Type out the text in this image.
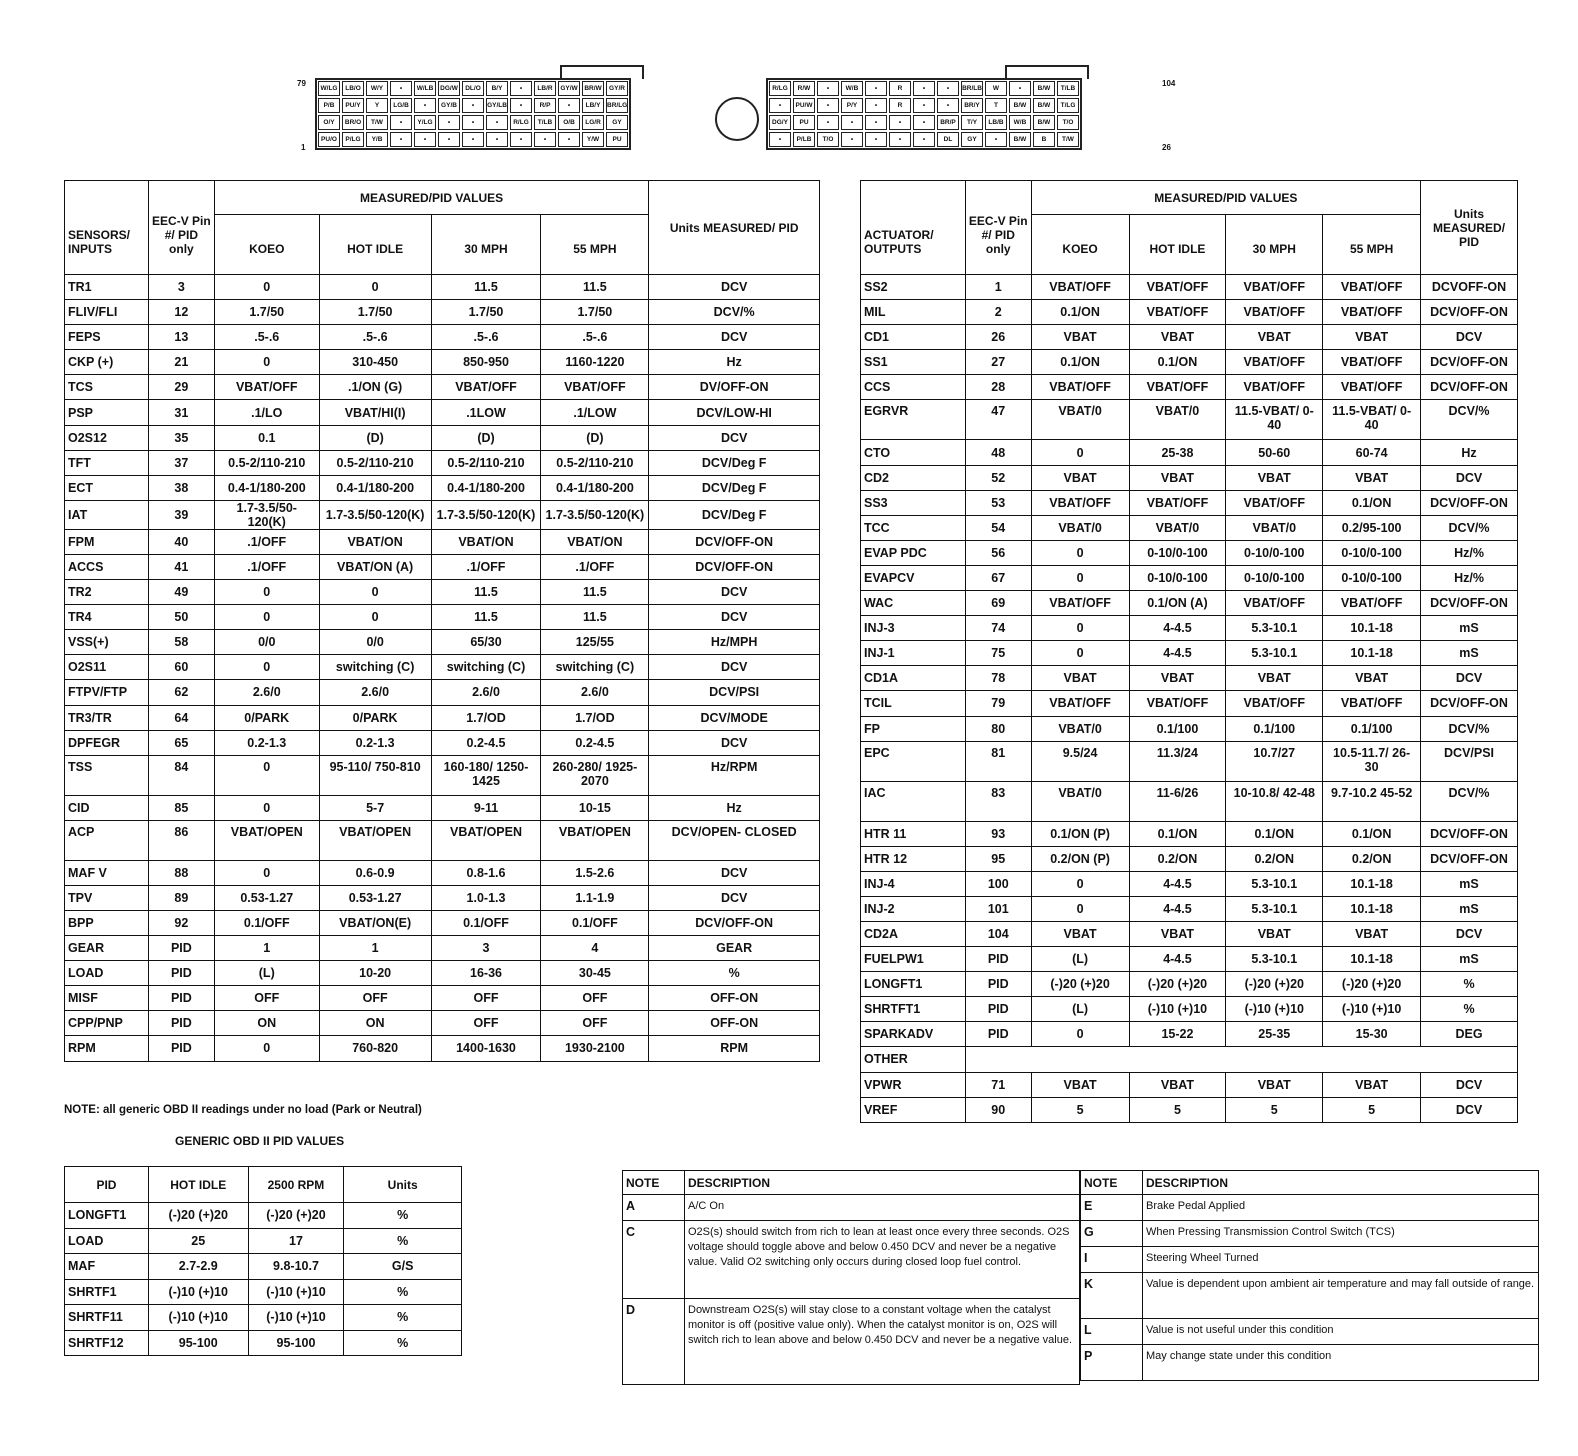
79
1
W/LG	LB/O	W/Y	•	W/LB	DG/W	DL/O	B/Y	•	LB/R	GY/W	BR/W	GY/R
P/B	PU/Y	Y	LG/B	•	GY/B	•	GY/LB	•	R/P	•	LB/Y	BR/LG
O/Y	BR/O	T/W	•	Y/LG	•	•	•	R/LG	T/LB	O/B	LG/R	GY
PU/O	P/LG	Y/B	•	•	•	•	•	•	•	•	Y/W	PU
R/LG	R/W	•	W/B	•	R	•	•	BR/LB	W	•	B/W	T/LB
•	PU/W	•	P/Y	•	R	•	•	BR/Y	T	B/W	B/W	T/LG
DG/Y	PU	•	•	•	•	•	BR/P	T/Y	LB/B	W/B	B/W	T/O
•	P/LB	T/O	•	•	•	•	DL	GY	•	B/W	B	T/W
104
26
SENSORS/ INPUTS	EEC-V Pin #/ PID only	MEASURED/PID VALUES				Units MEASURED/ PID
		KOEO	HOT IDLE	30 MPH	55 MPH	
TR1	3	0	0	11.5	11.5	DCV
FLIV/FLI	12	1.7/50	1.7/50	1.7/50	1.7/50	DCV/%
FEPS	13	.5-.6	.5-.6	.5-.6	.5-.6	DCV
CKP (+)	21	0	310-450	850-950	1160-1220	Hz
TCS	29	VBAT/OFF	.1/ON (G)	VBAT/OFF	VBAT/OFF	DV/OFF-ON
PSP	31	.1/LO	VBAT/HI(I)	.1LOW	.1/LOW	DCV/LOW-HI
O2S12	35	0.1	(D)	(D)	(D)	DCV
TFT	37	0.5-2/110-210	0.5-2/110-210	0.5-2/110-210	0.5-2/110-210	DCV/Deg F
ECT	38	0.4-1/180-200	0.4-1/180-200	0.4-1/180-200	0.4-1/180-200	DCV/Deg F
IAT	39	1.7-3.5/50-120(K)	1.7-3.5/50-120(K)	1.7-3.5/50-120(K)	1.7-3.5/50-120(K)	DCV/Deg F
FPM	40	.1/OFF	VBAT/ON	VBAT/ON	VBAT/ON	DCV/OFF-ON
ACCS	41	.1/OFF	VBAT/ON (A)	.1/OFF	.1/OFF	DCV/OFF-ON
TR2	49	0	0	11.5	11.5	DCV
TR4	50	0	0	11.5	11.5	DCV
VSS(+)	58	0/0	0/0	65/30	125/55	Hz/MPH
O2S11	60	0	switching (C)	switching (C)	switching (C)	DCV
FTPV/FTP	62	2.6/0	2.6/0	2.6/0	2.6/0	DCV/PSI
TR3/TR	64	0/PARK	0/PARK	1.7/OD	1.7/OD	DCV/MODE
DPFEGR	65	0.2-1.3	0.2-1.3	0.2-4.5	0.2-4.5	DCV
TSS	84	0	95-110/ 750-810	160-180/ 1250-1425	260-280/ 1925-2070	Hz/RPM
CID	85	0	5-7	9-11	10-15	Hz
ACP	86	VBAT/OPEN	VBAT/OPEN	VBAT/OPEN	VBAT/OPEN	DCV/OPEN- CLOSED
MAF V	88	0	0.6-0.9	0.8-1.6	1.5-2.6	DCV
TPV	89	0.53-1.27	0.53-1.27	1.0-1.3	1.1-1.9	DCV
BPP	92	0.1/OFF	VBAT/ON(E)	0.1/OFF	0.1/OFF	DCV/OFF-ON
GEAR	PID	1	1	3	4	GEAR
LOAD	PID	(L)	10-20	16-36	30-45	%
MISF	PID	OFF	OFF	OFF	OFF	OFF-ON
CPP/PNP	PID	ON	ON	OFF	OFF	OFF-ON
RPM	PID	0	760-820	1400-1630	1930-2100	RPM
NOTE: all generic OBD II readings under no load (Park or Neutral)
GENERIC OBD II PID VALUES
PID	HOT IDLE	2500 RPM	Units
LONGFT1	(-)20 (+)20	(-)20 (+)20	%
LOAD	25	17	%
MAF	2.7-2.9	9.8-10.7	G/S
SHRTF1	(-)10 (+)10	(-)10 (+)10	%
SHRTF11	(-)10 (+)10	(-)10 (+)10	%
SHRTF12	95-100	95-100	%
ACTUATOR/ OUTPUTS	EEC-V Pin #/ PID only	MEASURED/PID VALUES				Units MEASURED/ PID
		KOEO	HOT IDLE	30 MPH	55 MPH	
SS2	1	VBAT/OFF	VBAT/OFF	VBAT/OFF	VBAT/OFF	DCVOFF-ON
MIL	2	0.1/ON	VBAT/OFF	VBAT/OFF	VBAT/OFF	DCV/OFF-ON
CD1	26	VBAT	VBAT	VBAT	VBAT	DCV
SS1	27	0.1/ON	0.1/ON	VBAT/OFF	VBAT/OFF	DCV/OFF-ON
CCS	28	VBAT/OFF	VBAT/OFF	VBAT/OFF	VBAT/OFF	DCV/OFF-ON
EGRVR	47	VBAT/0	VBAT/0	11.5-VBAT/ 0-40	11.5-VBAT/ 0-40	DCV/%
CTO	48	0	25-38	50-60	60-74	Hz
CD2	52	VBAT	VBAT	VBAT	VBAT	DCV
SS3	53	VBAT/OFF	VBAT/OFF	VBAT/OFF	0.1/ON	DCV/OFF-ON
TCC	54	VBAT/0	VBAT/0	VBAT/0	0.2/95-100	DCV/%
EVAP PDC	56	0	0-10/0-100	0-10/0-100	0-10/0-100	Hz/%
EVAPCV	67	0	0-10/0-100	0-10/0-100	0-10/0-100	Hz/%
WAC	69	VBAT/OFF	0.1/ON (A)	VBAT/OFF	VBAT/OFF	DCV/OFF-ON
INJ-3	74	0	4-4.5	5.3-10.1	10.1-18	mS
INJ-1	75	0	4-4.5	5.3-10.1	10.1-18	mS
CD1A	78	VBAT	VBAT	VBAT	VBAT	DCV
TCIL	79	VBAT/OFF	VBAT/OFF	VBAT/OFF	VBAT/OFF	DCV/OFF-ON
FP	80	VBAT/0	0.1/100	0.1/100	0.1/100	DCV/%
EPC	81	9.5/24	11.3/24	10.7/27	10.5-11.7/ 26-30	DCV/PSI
IAC	83	VBAT/0	11-6/26	10-10.8/ 42-48	9.7-10.2 45-52	DCV/%
HTR 11	93	0.1/ON (P)	0.1/ON	0.1/ON	0.1/ON	DCV/OFF-ON
HTR 12	95	0.2/ON (P)	0.2/ON	0.2/ON	0.2/ON	DCV/OFF-ON
INJ-4	100	0	4-4.5	5.3-10.1	10.1-18	mS
INJ-2	101	0	4-4.5	5.3-10.1	10.1-18	mS
CD2A	104	VBAT	VBAT	VBAT	VBAT	DCV
FUELPW1	PID	(L)	4-4.5	5.3-10.1	10.1-18	mS
LONGFT1	PID	(-)20 (+)20	(-)20 (+)20	(-)20 (+)20	(-)20 (+)20	%
SHRTFT1	PID	(L)	(-)10 (+)10	(-)10 (+)10	(-)10 (+)10	%
SPARKADV	PID	0	15-22	25-35	15-30	DEG
OTHER						
VPWR	71	VBAT	VBAT	VBAT	VBAT	DCV
VREF	90	5	5	5	5	DCV
NOTE	DESCRIPTION
A	A/C On
C	O2S(s) should switch from rich to lean at least once every three seconds. O2S voltage should toggle above and below 0.450 DCV and never be a negative value. Valid O2 switching only occurs during closed loop fuel control.
D	Downstream O2S(s) will stay close to a constant voltage when the catalyst monitor is off (positive value only). When the catalyst monitor is on, O2S will switch rich to lean above and below 0.450 DCV and never be a negative value.
NOTE	DESCRIPTION
E	Brake Pedal Applied
G	When Pressing Transmission Control Switch (TCS)
I	Steering Wheel Turned
K	Value is dependent upon ambient air temperature and may fall outside of range.
L	Value is not useful under this condition
P	May change state under this condition
